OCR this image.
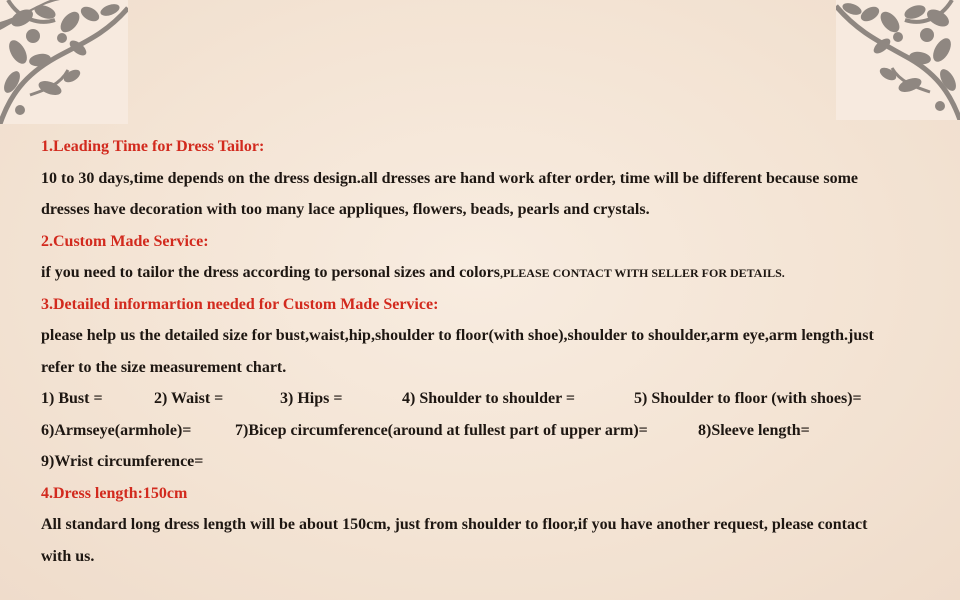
1.Leading Time for Dress Tailor:
10 to 30 days,time depends on the dress design.all dresses are hand work after order, time will be different because some
dresses have decoration with too many lace appliques, flowers, beads, pearls and crystals.
2.Custom Made Service:
if you need to tailor the dress according to personal sizes and colors,PLEASE CONTACT WITH SELLER FOR DETAILS.
3.Detailed informartion needed for Custom Made Service:
please help us the detailed size for bust,waist,hip,shoulder to floor(with shoe),shoulder to shoulder,arm eye,arm length.just
refer to the size measurement chart.
1) Bust =	2) Waist =	3) Hips =	4) Shoulder to shoulder =	5) Shoulder to floor (with shoes)=
6)Armseye(armhole)=	7)Bicep circumference(around at fullest part of upper arm)=	8)Sleeve length=
9)Wrist circumference=
4.Dress length:150cm
All standard long dress length will be about 150cm, just from shoulder to floor,if you have another request, please contact
with us.
